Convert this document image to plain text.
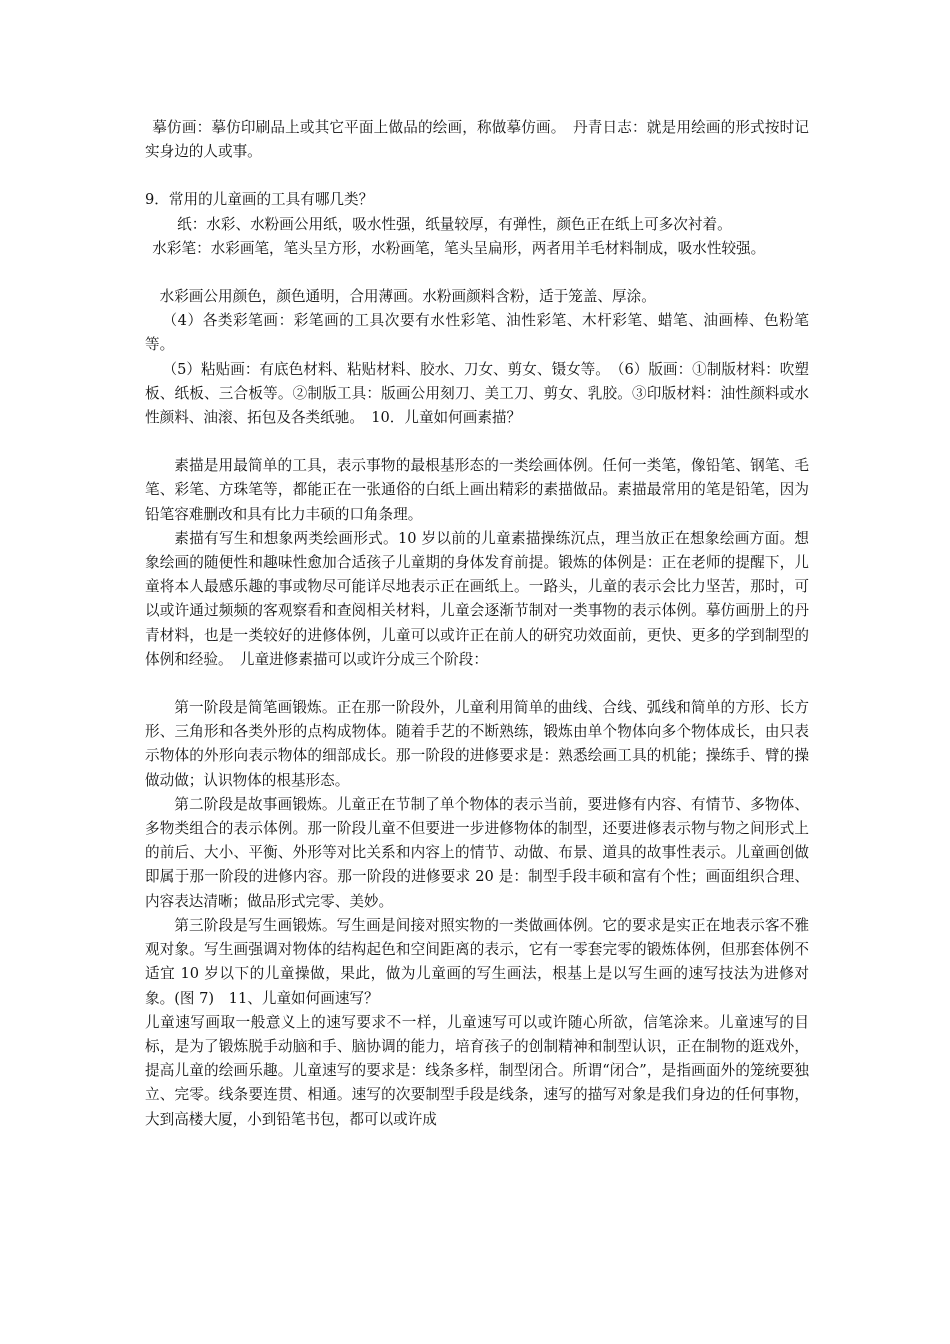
摹仿画：摹仿印刷品上或其它平面上做品的绘画，称做摹仿画。　丹青日志：就是用绘画的形式按时记实身边的人或事。

9．常用的儿童画的工具有哪几类？

纸：水彩、水粉画公用纸，吸水性强，纸量较厚，有弹性，颜色正在纸上可多次衬着。

水彩笔：水彩画笔，笔头呈方形，水粉画笔，笔头呈扁形，两者用羊毛材料制成，吸水性较强。

水彩画公用颜色，颜色通明，合用薄画。水粉画颜料含粉，适于笼盖、厚涂。

（4）各类彩笔画：彩笔画的工具次要有水性彩笔、油性彩笔、木杆彩笔、蜡笔、油画棒、色粉笔等。

（5）粘贴画：有底色材料、粘贴材料、胶水、刀女、剪女、镊女等。　（6）版画：①制版材料：吹塑板、纸板、三合板等。②制版工具：版画公用刻刀、美工刀、剪女、乳胶。③印版材料：油性颜料或水性颜料、油滚、拓包及各类纸驰。　10．儿童如何画素描？

素描是用最简单的工具，表示事物的最根基形态的一类绘画体例。任何一类笔，像铅笔、钢笔、毛笔、彩笔、方珠笔等，都能正在一张通俗的白纸上画出精彩的素描做品。素描最常用的笔是铅笔，因为铅笔容难删改和具有比力丰硕的口角条理。

素描有写生和想象两类绘画形式。10 岁以前的儿童素描操练沉点，理当放正在想象绘画方面。想象绘画的随便性和趣味性愈加合适孩子儿童期的身体发育前提。锻炼的体例是：正在老师的提醒下，儿童将本人最感乐趣的事或物尽可能详尽地表示正在画纸上。一路头，儿童的表示会比力坚苦，那时，可以或许通过频频的客观察看和查阅相关材料，儿童会逐渐节制对一类事物的表示体例。摹仿画册上的丹青材料，也是一类较好的进修体例，儿童可以或许正在前人的研究功效面前，更快、更多的学到制型的体例和经验。　儿童进修素描可以或许分成三个阶段：

第一阶段是简笔画锻炼。正在那一阶段外，儿童利用简单的曲线、合线、弧线和简单的方形、长方形、三角形和各类外形的点构成物体。随着手艺的不断熟练，锻炼由单个物体向多个物体成长，由只表示物体的外形向表示物体的细部成长。那一阶段的进修要求是：熟悉绘画工具的机能；操练手、臂的操做动做；认识物体的根基形态。

第二阶段是故事画锻炼。儿童正在节制了单个物体的表示当前，要进修有内容、有情节、多物体、多物类组合的表示体例。那一阶段儿童不但要进一步进修物体的制型，还要进修表示物与物之间形式上的前后、大小、平衡、外形等对比关系和内容上的情节、动做、布景、道具的故事性表示。儿童画创做即属于那一阶段的进修内容。那一阶段的进修要求 20 是：制型手段丰硕和富有个性；画面组织合理、内容表达清晰；做品形式完零、美妙。

第三阶段是写生画锻炼。写生画是间接对照实物的一类做画体例。它的要求是实正在地表示客不雅观对象。写生画强调对物体的结构起色和空间距离的表示，它有一零套完零的锻炼体例，但那套体例不适宜 10 岁以下的儿童操做，果此，做为儿童画的写生画法，根基上是以写生画的速写技法为进修对象。(图 7)　11、儿童如何画速写？

儿童速写画取一般意义上的速写要求不一样，儿童速写可以或许随心所欲，信笔涂来。儿童速写的目标，是为了锻炼脱手动脑和手、脑协调的能力，培育孩子的创制精神和制型认识，正在制物的逛戏外，提高儿童的绘画乐趣。儿童速写的要求是：线条多样，制型闭合。所谓“闭合”，是指画面外的笼统要独立、完零。线条要连贯、相通。速写的次要制型手段是线条，速写的描写对象是我们身边的任何事物，大到高楼大厦，小到铅笔书包，都可以或许成
